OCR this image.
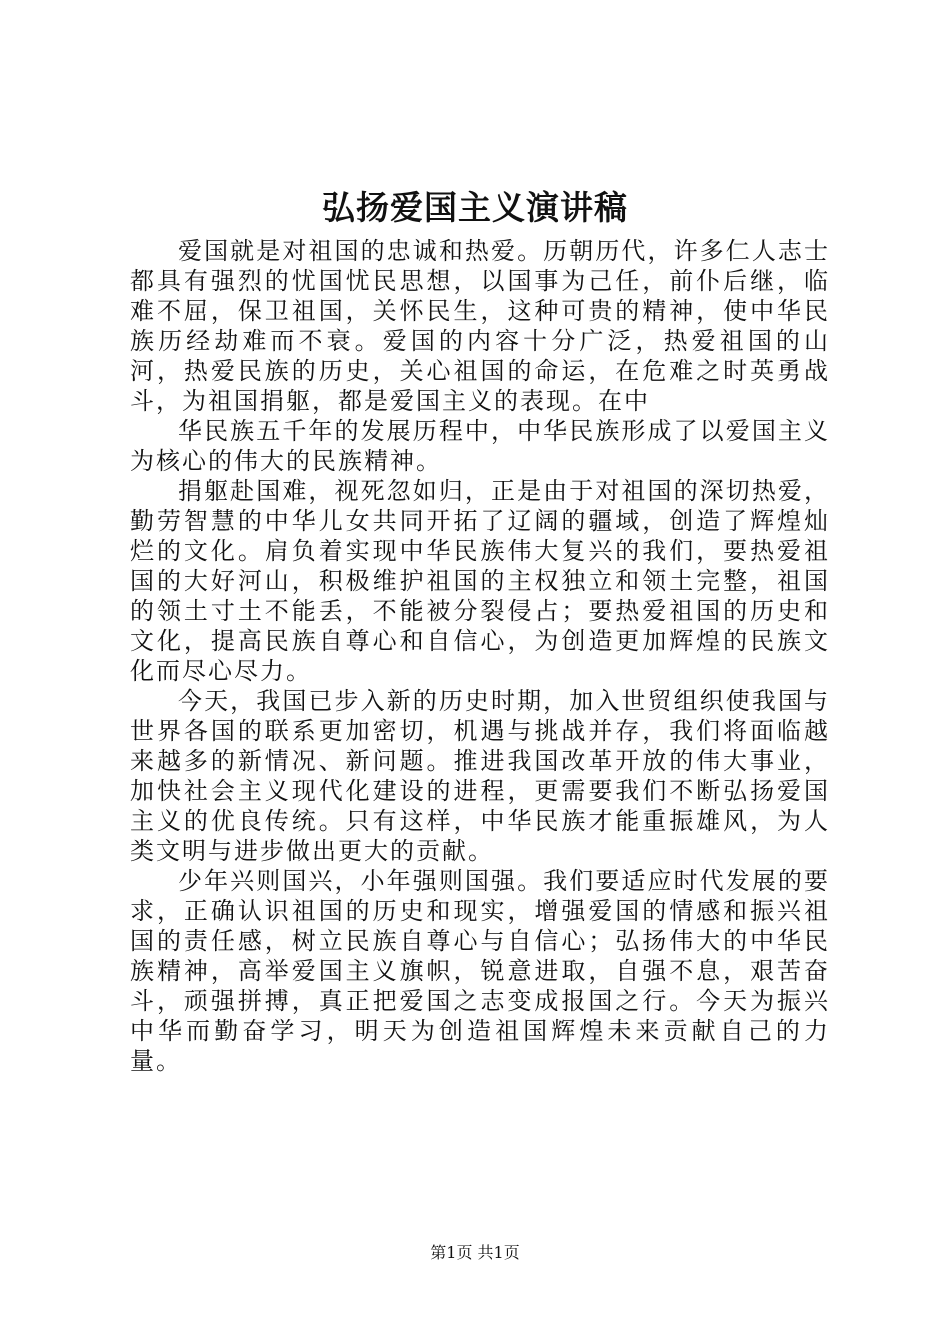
弘扬爱国主义演讲稿

爱国就是对祖国的忠诚和热爱。历朝历代，许多仁人志士都具有强烈的忧国忧民思想，以国事为己任，前仆后继，临难不屈，保卫祖国，关怀民生，这种可贵的精神，使中华民族历经劫难而不衰。爱国的内容十分广泛，热爱祖国的山河，热爱民族的历史，关心祖国的命运，在危难之时英勇战斗，为祖国捐躯，都是爱国主义的表现。在中

华民族五千年的发展历程中，中华民族形成了以爱国主义为核心的伟大的民族精神。

捐躯赴国难，视死忽如归，正是由于对祖国的深切热爱，勤劳智慧的中华儿女共同开拓了辽阔的疆域，创造了辉煌灿烂的文化。肩负着实现中华民族伟大复兴的我们，要热爱祖国的大好河山，积极维护祖国的主权独立和领土完整，祖国的领土寸土不能丢，不能被分裂侵占；要热爱祖国的历史和文化，提高民族自尊心和自信心，为创造更加辉煌的民族文化而尽心尽力。

今天，我国已步入新的历史时期，加入世贸组织使我国与世界各国的联系更加密切，机遇与挑战并存，我们将面临越来越多的新情况、新问题。推进我国改革开放的伟大事业，加快社会主义现代化建设的进程，更需要我们不断弘扬爱国主义的优良传统。只有这样，中华民族才能重振雄风，为人类文明与进步做出更大的贡献。

少年兴则国兴，小年强则国强。我们要适应时代发展的要求，正确认识祖国的历史和现实，增强爱国的情感和振兴祖国的责任感，树立民族自尊心与自信心；弘扬伟大的中华民族精神，高举爱国主义旗帜，锐意进取，自强不息，艰苦奋斗，顽强拼搏，真正把爱国之志变成报国之行。今天为振兴中华而勤奋学习，明天为创造祖国辉煌未来贡献自己的力量。

第1页 共1页
